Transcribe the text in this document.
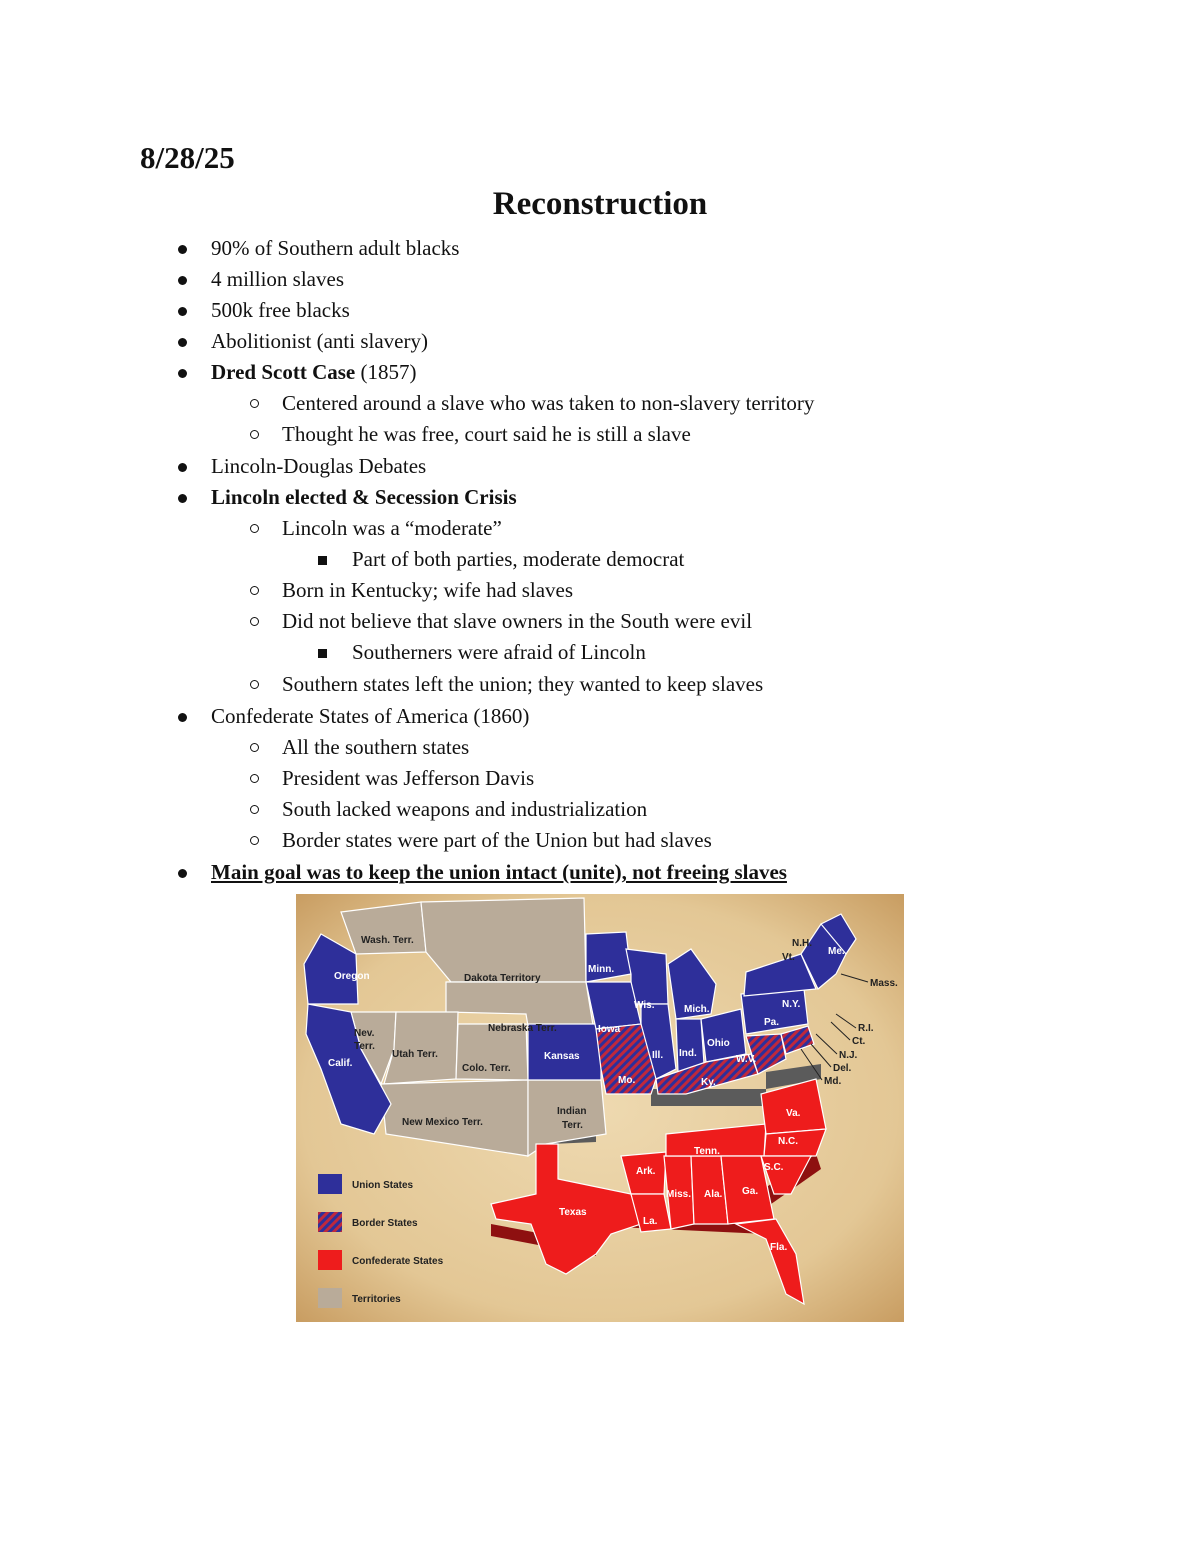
8/28/25
Reconstruction
90% of Southern adult blacks
4 million slaves
500k free blacks
Abolitionist (anti slavery)
Dred Scott Case (1857)
Centered around a slave who was taken to non-slavery territory
Thought he was free, court said he is still a slave
Lincoln-Douglas Debates
Lincoln elected & Secession Crisis
Lincoln was a “moderate”
Part of both parties, moderate democrat
Born in Kentucky; wife had slaves
Did not believe that slave owners in the South were evil
Southerners were afraid of Lincoln
Southern states left the union; they wanted to keep slaves
Confederate States of America (1860)
All the southern states
President was Jefferson Davis
South lacked weapons and industrialization
Border states were part of the Union but had slaves
Main goal was to keep the union intact (unite), not freeing slaves
Oregon
Calif.
Kansas
Minn.
Wis.	Mich.
Iowa
Ill. Ind.
Ohio
Pa.
N.Y.
Me.
Mo.	Ky.
W.V.
Texas
Ark.
La.
Miss. Ala.
Tenn.
Ga.
Va.
N.C.
S.C.
Fla.
Wash. Terr.
Dakota Territory
Nebraska Terr.
Nev.
Terr.
Utah Terr.
Colo. Terr.
New Mexico Terr.
Indian
Terr.
N.H.
Vt.
Mass.
R.I.
Ct.
N.J.
Del.
Md.
Union States
Border States
Confederate States
Territories
